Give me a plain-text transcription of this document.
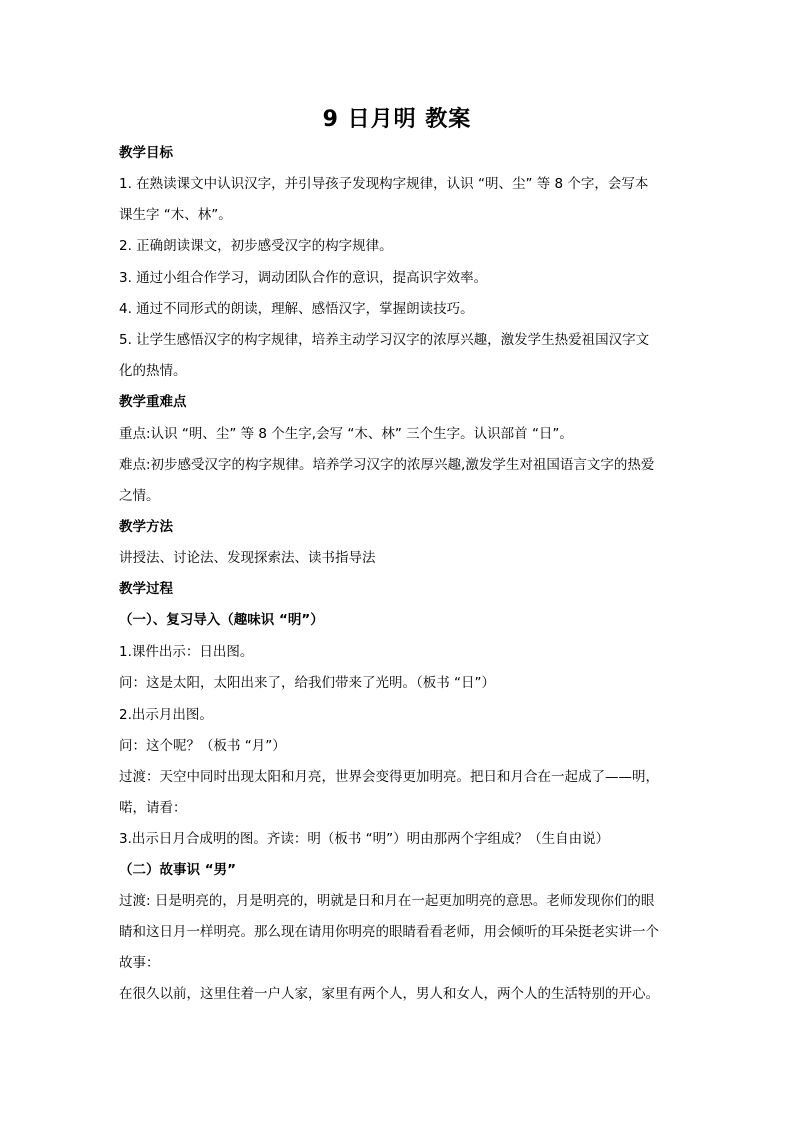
9 日月明 教案
教学目标
1. 在熟读课文中认识汉字，并引导孩子发现构字规律，认识 “明、尘” 等 8 个字，会写本
课生字 “木、林”。
2. 正确朗读课文，初步感受汉字的构字规律。
3. 通过小组合作学习，调动团队合作的意识，提高识字效率。
4. 通过不同形式的朗读，理解、感悟汉字，掌握朗读技巧。
5. 让学生感悟汉字的构字规律，培养主动学习汉字的浓厚兴趣，激发学生热爱祖国汉字文
化的热情。
教学重难点
重点:认识 “明、尘” 等 8 个生字,会写 “木、林” 三个生字。认识部首 “日”。
难点:初步感受汉字的构字规律。培养学习汉字的浓厚兴趣,激发学生对祖国语言文字的热爱
之情。
教学方法
讲授法、讨论法、发现探索法、读书指导法
教学过程
（一）、复习导入（趣味识 “明”）
1.课件出示：日出图。
问：这是太阳，太阳出来了，给我们带来了光明。（板书 “日”）
2.出示月出图。
问：这个呢？（板书 “月”）
过渡：天空中同时出现太阳和月亮，世界会变得更加明亮。把日和月合在一起成了——明，
喏，请看：
3.出示日月合成明的图。齐读：明（板书 “明”）明由那两个字组成？（生自由说）
（二）故事识 “男”
过渡: 日是明亮的，月是明亮的，明就是日和月在一起更加明亮的意思。老师发现你们的眼
睛和这日月一样明亮。那么现在请用你明亮的眼睛看看老师，用会倾听的耳朵挺老实讲一个
故事：
在很久以前，这里住着一户人家，家里有两个人，男人和女人，两个人的生活特别的开心。
